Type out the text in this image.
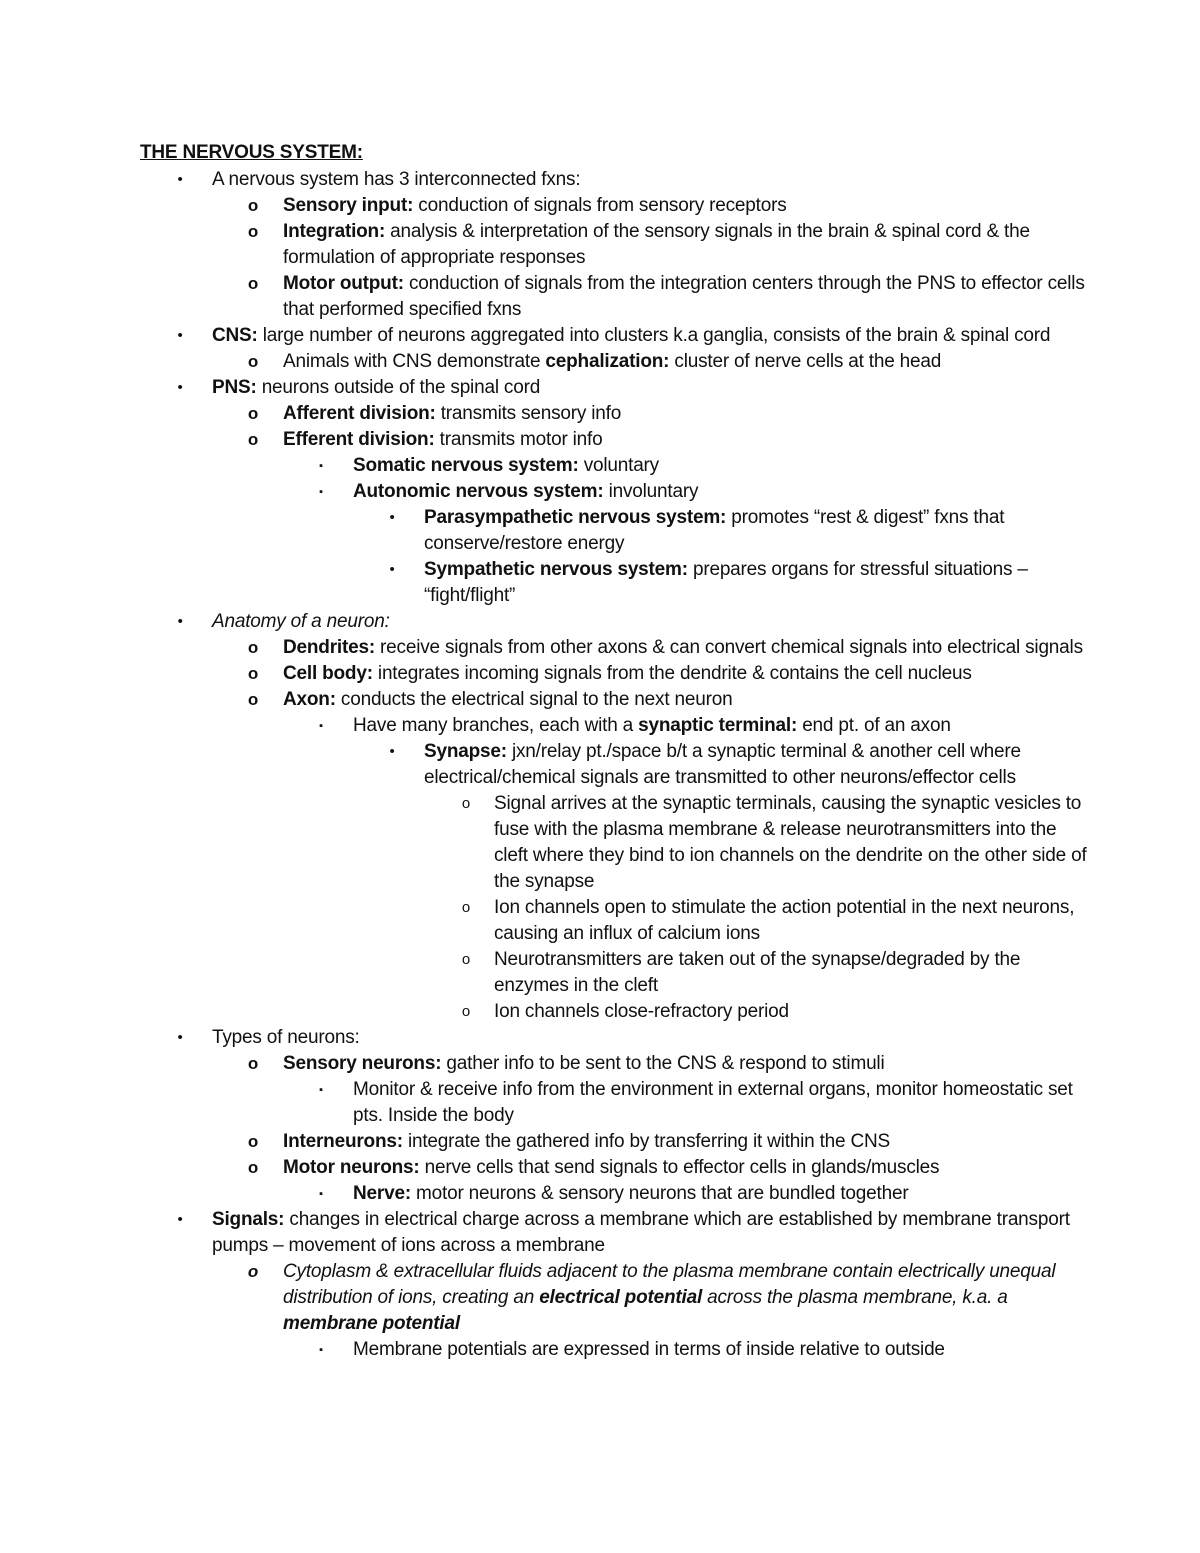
THE NERVOUS SYSTEM:
•	A nervous system has 3 interconnected fxns:
o Sensory input: conduction of signals from sensory receptors
o Integration: analysis & interpretation of the sensory signals in the brain & spinal cord & the
formulation of appropriate responses
o Motor output: conduction of signals from the integration centers through the PNS to effector cells
that performed specified fxns
•	CNS: large number of neurons aggregated into clusters k.a ganglia, consists of the brain & spinal cord
o Animals with CNS demonstrate cephalization: cluster of nerve cells at the head
•	PNS: neurons outside of the spinal cord
o Afferent division: transmits sensory info
o Efferent division: transmits motor info
▪	Somatic nervous system: voluntary
▪	Autonomic nervous system: involuntary
•	Parasympathetic nervous system: promotes “rest & digest” fxns that
conserve/restore energy
•	Sympathetic nervous system: prepares organs for stressful situations –
“fight/flight”
•	Anatomy of a neuron:
o Dendrites: receive signals from other axons & can convert chemical signals into electrical signals
o Cell body: integrates incoming signals from the dendrite & contains the cell nucleus
o Axon: conducts the electrical signal to the next neuron
▪	Have many branches, each with a synaptic terminal: end pt. of an axon
•	Synapse: jxn/relay pt./space b/t a synaptic terminal & another cell where
electrical/chemical signals are transmitted to other neurons/effector cells
o	Signal arrives at the synaptic terminals, causing the synaptic vesicles to
fuse with the plasma membrane & release neurotransmitters into the
cleft where they bind to ion channels on the dendrite on the other side of
the synapse
o	Ion channels open to stimulate the action potential in the next neurons,
causing an influx of calcium ions
o	Neurotransmitters are taken out of the synapse/degraded by the
enzymes in the cleft
o	Ion channels close-refractory period
•	Types of neurons:
o Sensory neurons: gather info to be sent to the CNS & respond to stimuli
▪	Monitor & receive info from the environment in external organs, monitor homeostatic set
pts. Inside the body
o Interneurons: integrate the gathered info by transferring it within the CNS
o Motor neurons: nerve cells that send signals to effector cells in glands/muscles
▪	Nerve: motor neurons & sensory neurons that are bundled together
•	Signals: changes in electrical charge across a membrane which are established by membrane transport
pumps – movement of ions across a membrane
o Cytoplasm & extracellular fluids adjacent to the plasma membrane contain electrically unequal
distribution of ions, creating an electrical potential across the plasma membrane, k.a. a
membrane potential
▪	Membrane potentials are expressed in terms of inside relative to outside
